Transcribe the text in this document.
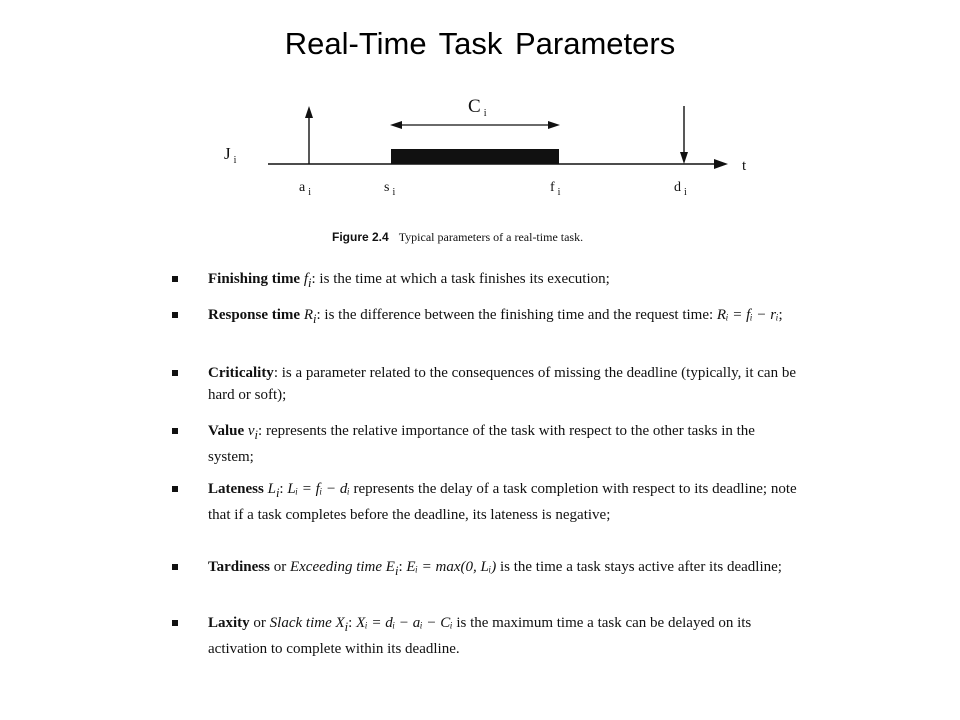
Real-Time Task Parameters
J $_i$
C $_i$
t
a $_i$	s $_i$	f $_i$	d $_i$
Figure 2.4 Typical parameters of a real-time task.
Finishing time $f_i$: is the time at which a task finishes its execution;
Response time $R_i$: is the difference between the finishing time and the request time: Rᵢ = fᵢ − rᵢ;
Criticality: is a parameter related to the consequences of missing the deadline (typically, it can be hard or soft);
Value $v_i$: represents the relative importance of the task with respect to the other tasks in the system;
Lateness $L_i$: Lᵢ = fᵢ − dᵢ represents the delay of a task completion with respect to its deadline; note that if a task completes before the deadline, its lateness is negative;
Tardiness or Exceeding time $E_i$: Eᵢ = max(0, Lᵢ) is the time a task stays active after its deadline;
Laxity or Slack time $X_i$: Xᵢ = dᵢ − aᵢ − Cᵢ is the maximum time a task can be delayed on its activation to complete within its deadline.
